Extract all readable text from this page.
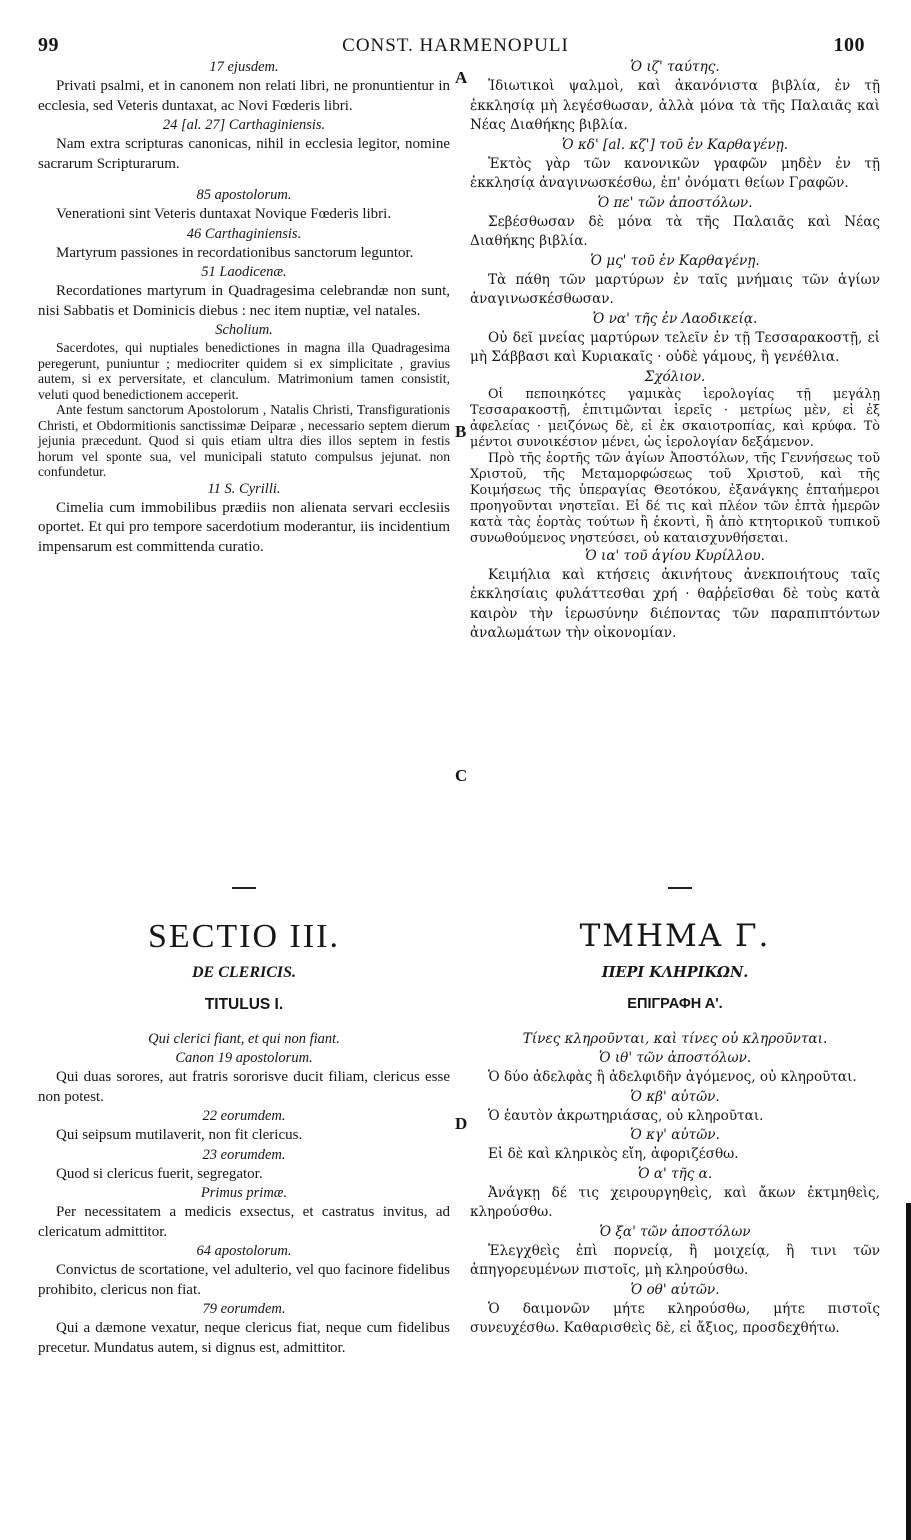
99	CONST. HARMENOPULI	100
A
B
C
D

17 ejusdem.

Privati psalmi, et in canonem non relati libri, ne pronuntientur in ecclesia, sed Veteris duntaxat, ac Novi Fœderis libri.

24 [al. 27] Carthaginiensis.

Nam extra scripturas canonicas, nihil in ecclesia legitor, nomine sacrarum Scripturarum.

85 apostolorum.

Venerationi sint Veteris duntaxat Novique Fœderis libri.

46 Carthaginiensis.

Martyrum passiones in recordationibus sanctorum leguntor.

51 Laodicenæ.

Recordationes martyrum in Quadragesima celebrandæ non sunt, nisi Sabbatis et Dominicis diebus : nec item nuptiæ, vel natales.

Scholium.

Sacerdotes, qui nuptiales benedictiones in magna illa Quadragesima peregerunt, puniuntur ; mediocriter quidem si ex simplicitate , gravius autem, si ex perversitate, et clanculum. Matrimonium tamen consistit, veluti quod benedictionem acceperit.

Ante festum sanctorum Apostolorum , Natalis Christi, Transfigurationis Christi, et Obdormitionis sanctissimæ Deiparæ , necessario septem dierum jejunia præcedunt. Quod si quis etiam ultra dies illos septem in festis horum vel sponte sua, vel municipali statuto compulsus jejunat. non confundetur.

11 S. Cyrilli.

Cimelia cum immobilibus prædiis non alienata servari ecclesiis oportet. Et qui pro tempore sacerdotium moderantur, iis incidentium impensarum est committenda curatio.

Ὁ ιζ' ταύτης.

Ἰδιωτικοὶ ψαλμοὶ, καὶ ἀκανόνιστα βιβλία, ἐν τῇ ἐκκλησίᾳ μὴ λεγέσθωσαν, ἀλλὰ μόνα τὰ τῆς Παλαιᾶς καὶ Νέας Διαθήκης βιβλία.

Ὁ κδ' [al. κζ'] τοῦ ἐν Καρθαγένῃ.

Ἐκτὸς γὰρ τῶν κανονικῶν γραφῶν μηδὲν ἐν τῇ ἐκκλησίᾳ ἀναγινωσκέσθω, ἐπ' ὀνόματι θείων Γραφῶν.

Ὁ πε' τῶν ἀποστόλων.

Σεβέσθωσαν δὲ μόνα τὰ τῆς Παλαιᾶς καὶ Νέας Διαθήκης βιβλία.

Ὁ μς' τοῦ ἐν Καρθαγένῃ.

Τὰ πάθη τῶν μαρτύρων ἐν ταῖς μνήμαις τῶν ἁγίων ἀναγινωσκέσθωσαν.

Ὁ να' τῆς ἐν Λαοδικείᾳ.

Οὐ δεῖ μνείας μαρτύρων τελεῖν ἐν τῇ Τεσσαρακοστῇ, εἰ μὴ Σάββασι καὶ Κυριακαῖς · οὐδὲ γάμους, ἢ γενέθλια.

Σχόλιον.

Οἱ πεποιηκότες γαμικὰς ἱερολογίας τῇ μεγάλῃ Τεσσαρακοστῇ, ἐπιτιμῶνται ἱερεῖς · μετρίως μὲν, εἰ ἐξ ἀφελείας · μειζόνως δὲ, εἰ ἐκ σκαιοτροπίας, καὶ κρύφα. Τὸ μέντοι συνοικέσιον μένει, ὡς ἱερολογίαν δεξάμενον.

Πρὸ τῆς ἑορτῆς τῶν ἁγίων Ἀποστόλων, τῆς Γεννήσεως τοῦ Χριστοῦ, τῆς Μεταμορφώσεως τοῦ Χριστοῦ, καὶ τῆς Κοιμήσεως τῆς ὑπεραγίας Θεοτόκου, ἐξανάγκης ἑπταήμεροι προηγοῦνται νηστεῖαι. Εἰ δέ τις καὶ πλέον τῶν ἑπτὰ ἡμερῶν κατὰ τὰς ἑορτὰς τούτων ἢ ἑκοντὶ, ἢ ἀπὸ κτητορικοῦ τυπικοῦ συνωθούμενος νηστεύσει, οὐ καταισχυνθήσεται.

Ὁ ια' τοῦ ἁγίου Κυρίλλου.

Κειμήλια καὶ κτήσεις ἀκινήτους ἀνεκποιήτους ταῖς ἐκκλησίαις φυλάττεσθαι χρή · θαῤῥεῖσθαι δὲ τοὺς κατὰ καιρὸν τὴν ἱερωσύνην διέποντας τῶν παραπιπτόντων ἀναλωμάτων τὴν οἰκονομίαν.

SECTIO III.	ΤΜΗΜΑ Γ.
DE CLERICIS.	ΠΕΡΙ ΚΛΗΡΙΚΩΝ.
TITULUS I.	ΕΠΙΓΡΑΦΗ Α'.

Qui clerici fiant, et qui non fiant.

Canon 19 apostolorum.

Qui duas sorores, aut fratris sororisve ducit filiam, clericus esse non potest.

22 eorumdem.

Qui seipsum mutilaverit, non fit clericus.

23 eorumdem.

Quod si clericus fuerit, segregator.

Primus primæ.

Per necessitatem a medicis exsectus, et castratus invitus, ad clericatum admittitor.

64 apostolorum.

Convictus de scortatione, vel adulterio, vel quo facinore fidelibus prohibito, clericus non fiat.

79 eorumdem.

Qui a dæmone vexatur, neque clericus fiat, neque cum fidelibus precetur. Mundatus autem, si dignus est, admittitor.

Τίνες κληροῦνται, καὶ τίνες οὐ κληροῦνται.

Ὁ ιθ' τῶν ἀποστόλων.

Ὁ δύο ἀδελφὰς ἢ ἀδελφιδῆν ἀγόμενος, οὐ κληροῦται.

Ὁ κβ' αὐτῶν.

Ὁ ἑαυτὸν ἀκρωτηριάσας, οὐ κληροῦται.

Ὁ κγ' αὐτῶν.

Εἰ δὲ καὶ κληρικὸς εἴη, ἀφοριζέσθω.

Ὁ α' τῆς α.

Ἀνάγκῃ δέ τις χειρουργηθεὶς, καὶ ἄκων ἐκτμηθεὶς, κληρούσθω.

Ὁ ξα' τῶν ἀποστόλων

Ἐλεγχθεὶς ἐπὶ πορνείᾳ, ἢ μοιχείᾳ, ἢ τινι τῶν ἀπηγορευμένων πιστοῖς, μὴ κληρούσθω.

Ὁ οθ' αὐτῶν.

Ὁ δαιμονῶν μήτε κληρούσθω, μήτε πιστοῖς συνευχέσθω. Καθαρισθεὶς δὲ, εἰ ἄξιος, προσδεχθήτω.
